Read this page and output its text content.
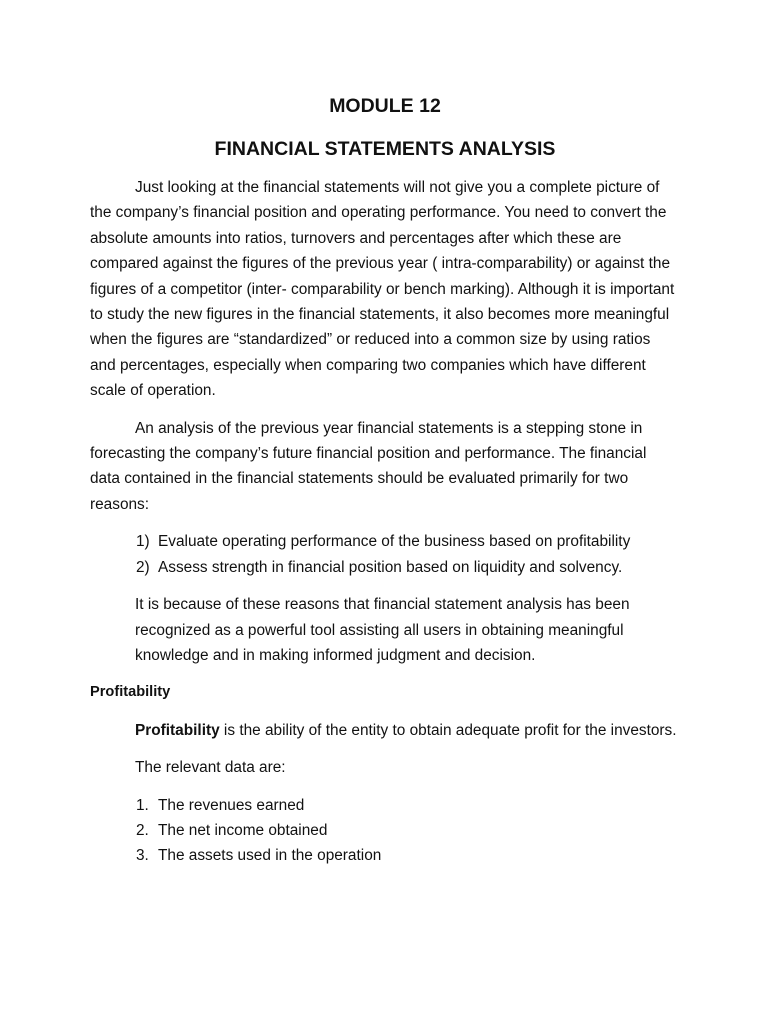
MODULE 12
FINANCIAL STATEMENTS ANALYSIS

Just looking at the financial statements will not give you a complete picture of the company’s financial position and operating performance. You need to convert the absolute amounts into ratios, turnovers and percentages after which these are compared against the figures of the previous year ( intra-comparability) or against the figures of a competitor (inter- comparability or bench marking). Although it is important to study the new figures in the financial statements, it also becomes more meaningful when the figures are “standardized” or reduced into a common size by using ratios and percentages, especially when comparing two companies which have different scale of operation.

An analysis of the previous year financial statements is a stepping stone in forecasting the company’s future financial position and performance. The financial data contained in the financial statements should be evaluated primarily for two reasons:

1) Evaluate operating performance of the business based on profitability
2) Assess strength in financial position based on liquidity and solvency.

It is because of these reasons that financial statement analysis has been recognized as a powerful tool assisting all users in obtaining meaningful knowledge and in making informed judgment and decision.

Profitability

Profitability is the ability of the entity to obtain adequate profit for the investors.

The relevant data are:

1. The revenues earned
2. The net income obtained
3. The assets used in the operation
